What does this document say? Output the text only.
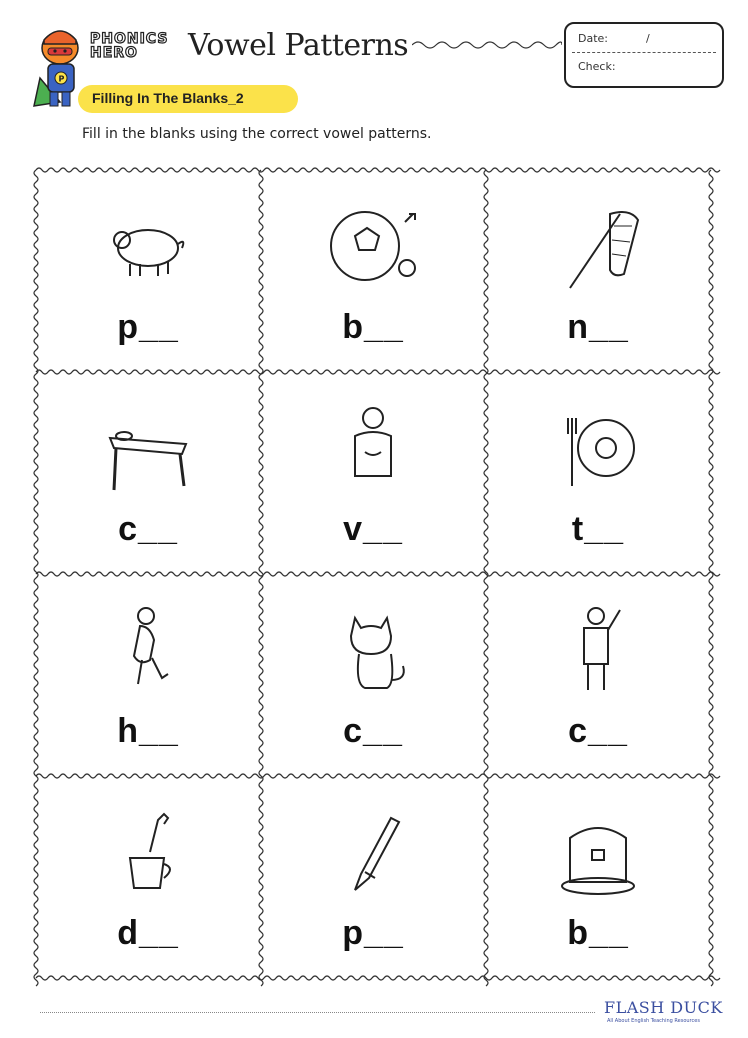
P
PHONICS
HERO	Vowel Patterns	Date:	/
Check:
Filling In The Blanks_2
Fill in the blanks using the correct vowel patterns.
p__	b__	n__
c__	v__	t__
h__	c__	c__
d__	p__	b__
FLASH DUCK
All About English Teaching Resources
